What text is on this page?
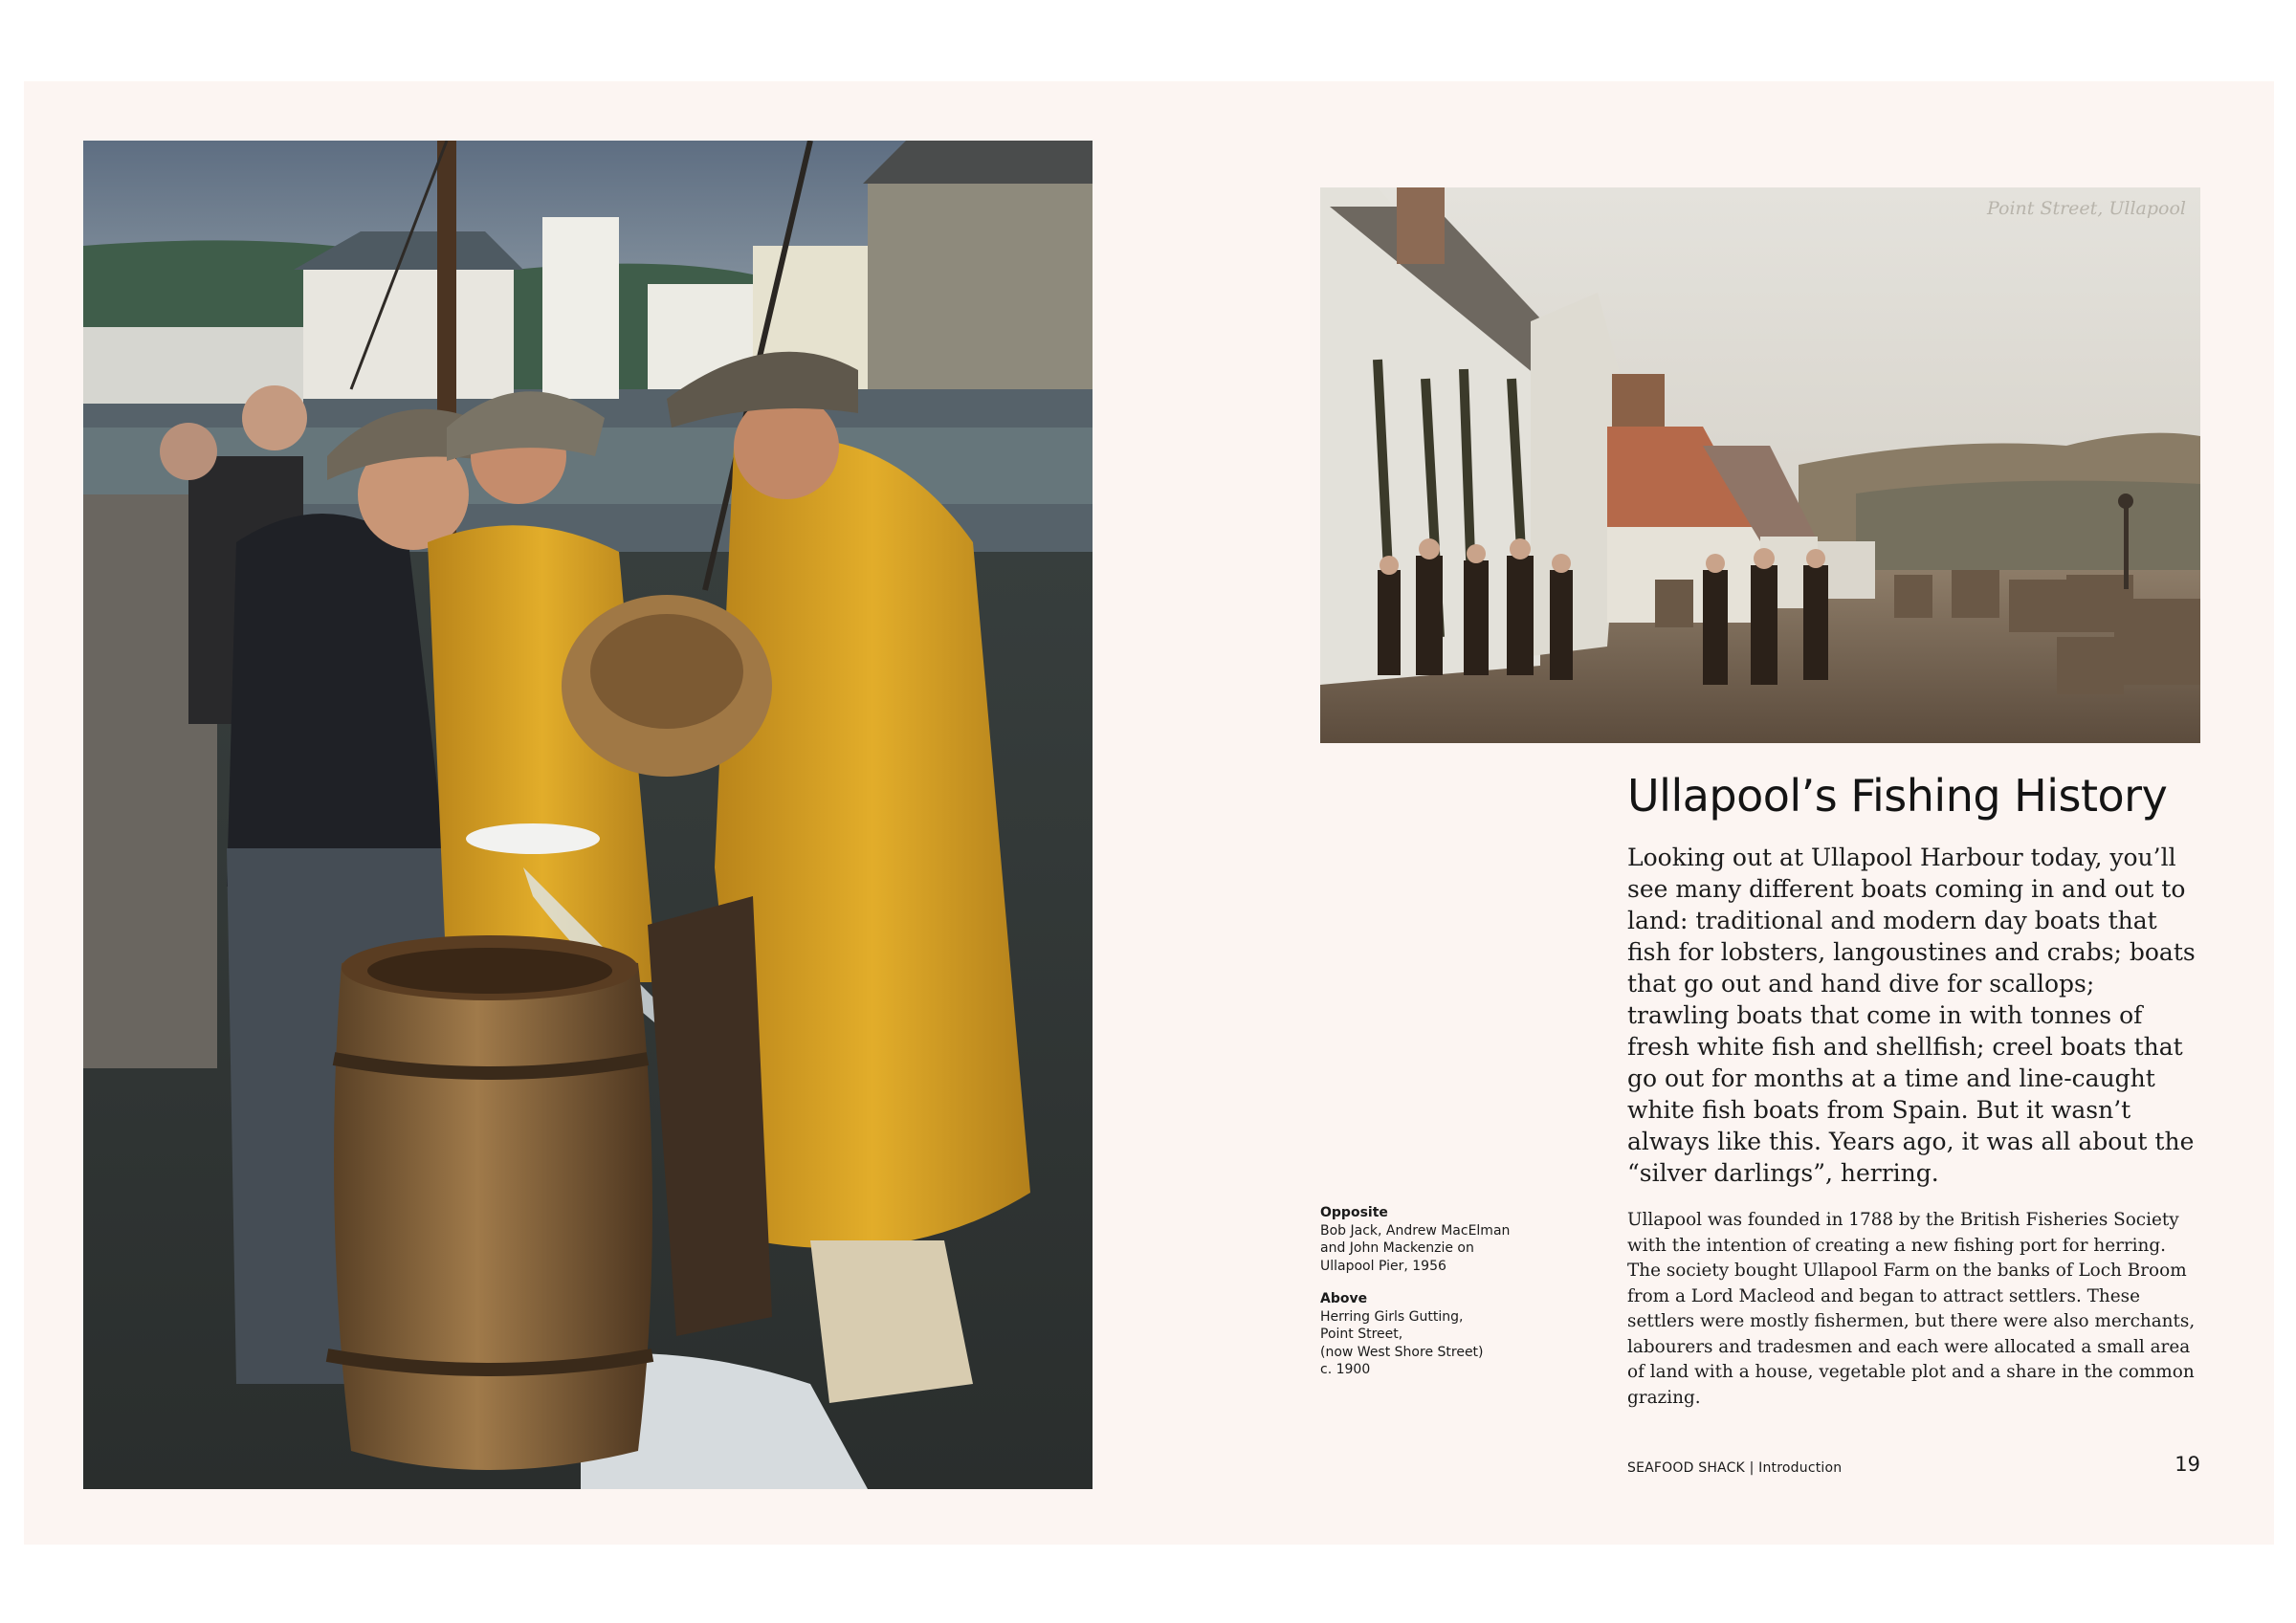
Point Street, Ullapool
Ullapool’s Fishing History

Looking out at Ullapool Harbour today, you’ll see many different boats coming in and out to land: traditional and modern day boats that fish for lobsters, langoustines and crabs; boats that go out and hand dive for scallops; trawling boats that come in with tonnes of fresh white fish and shellfish; creel boats that go out for months at a time and line-caught white fish boats from Spain. But it wasn’t always like this. Years ago, it was all about the “silver darlings”, herring.

Opposite
Bob Jack, Andrew MacElman
and John Mackenzie on
Ullapool Pier, 1956
Above
Herring Girls Gutting,
Point Street,
(now West Shore Street)
c. 1900

Ullapool was founded in 1788 by the British Fisheries Society with the intention of creating a new fishing port for herring. The society bought Ullapool Farm on the banks of Loch Broom from a Lord Macleod and began to attract settlers. These settlers were mostly fishermen, but there were also merchants, labourers and tradesmen and each were allocated a small area of land with a house, vegetable plot and a share in the common grazing.

SEAFOOD SHACK | Introduction	19
